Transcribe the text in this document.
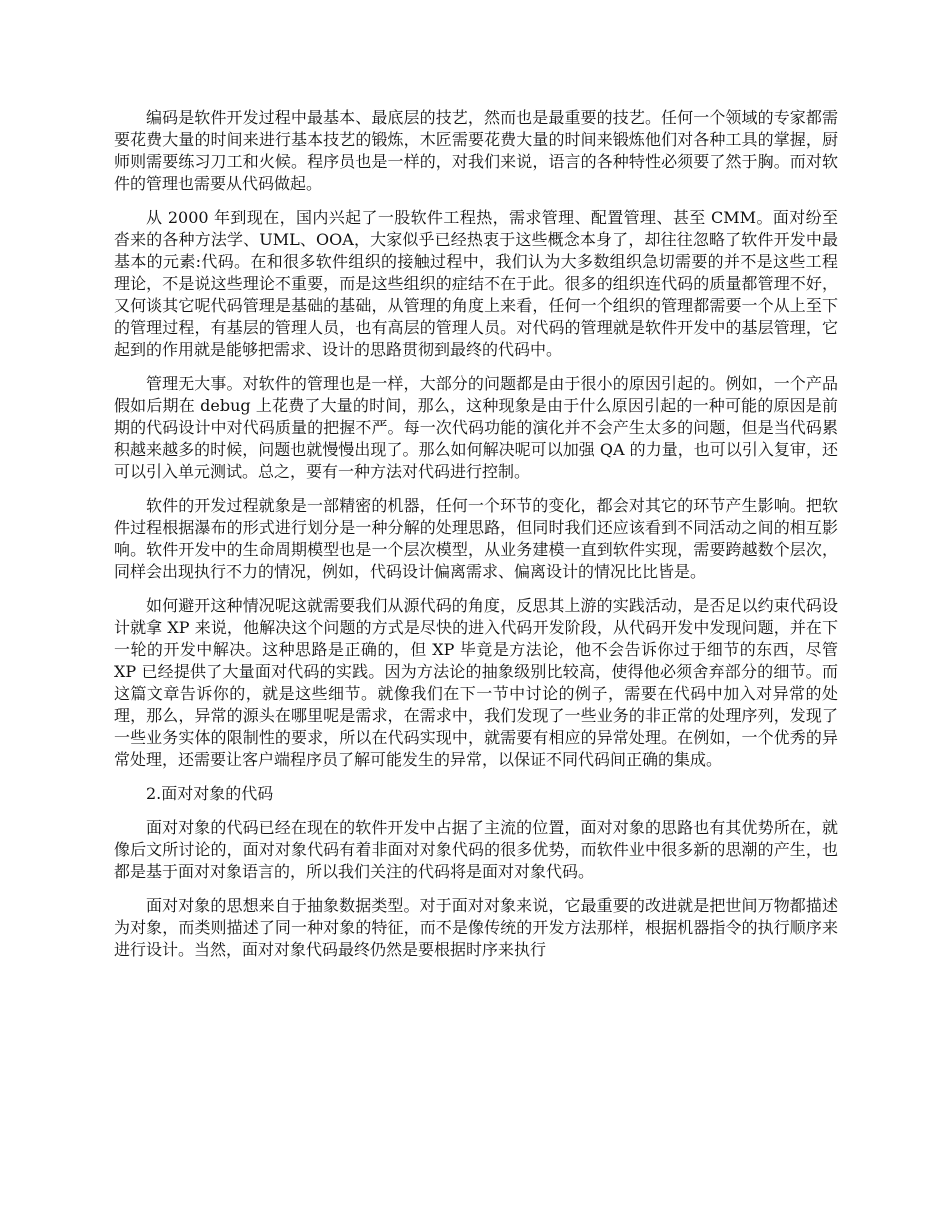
编码是软件开发过程中最基本、最底层的技艺，然而也是最重要的技艺。任何一个领域的专家都需要花费大量的时间来进行基本技艺的锻炼，木匠需要花费大量的时间来锻炼他们对各种工具的掌握，厨师则需要练习刀工和火候。程序员也是一样的，对我们来说，语言的各种特性必须要了然于胸。而对软件的管理也需要从代码做起。

从 2000 年到现在，国内兴起了一股软件工程热，需求管理、配置管理、甚至 CMM。面对纷至沓来的各种方法学、UML、OOA，大家似乎已经热衷于这些概念本身了，却往往忽略了软件开发中最基本的元素:代码。在和很多软件组织的接触过程中，我们认为大多数组织急切需要的并不是这些工程理论，不是说这些理论不重要，而是这些组织的症结不在于此。很多的组织连代码的质量都管理不好，又何谈其它呢代码管理是基础的基础，从管理的角度上来看，任何一个组织的管理都需要一个从上至下的管理过程，有基层的管理人员，也有高层的管理人员。对代码的管理就是软件开发中的基层管理，它起到的作用就是能够把需求、设计的思路贯彻到最终的代码中。

管理无大事。对软件的管理也是一样，大部分的问题都是由于很小的原因引起的。例如，一个产品假如后期在 debug 上花费了大量的时间，那么，这种现象是由于什么原因引起的一种可能的原因是前期的代码设计中对代码质量的把握不严。每一次代码功能的演化并不会产生太多的问题，但是当代码累积越来越多的时候，问题也就慢慢出现了。那么如何解决呢可以加强 QA 的力量，也可以引入复审，还可以引入单元测试。总之，要有一种方法对代码进行控制。

软件的开发过程就象是一部精密的机器，任何一个环节的变化，都会对其它的环节产生影响。把软件过程根据瀑布的形式进行划分是一种分解的处理思路，但同时我们还应该看到不同活动之间的相互影响。软件开发中的生命周期模型也是一个层次模型，从业务建模一直到软件实现，需要跨越数个层次，同样会出现执行不力的情况，例如，代码设计偏离需求、偏离设计的情况比比皆是。

如何避开这种情况呢这就需要我们从源代码的角度，反思其上游的实践活动，是否足以约束代码设计就拿 XP 来说，他解决这个问题的方式是尽快的进入代码开发阶段，从代码开发中发现问题，并在下一轮的开发中解决。这种思路是正确的，但 XP 毕竟是方法论，他不会告诉你过于细节的东西，尽管 XP 已经提供了大量面对代码的实践。因为方法论的抽象级别比较高，使得他必须舍弃部分的细节。而这篇文章告诉你的，就是这些细节。就像我们在下一节中讨论的例子，需要在代码中加入对异常的处理，那么，异常的源头在哪里呢是需求，在需求中，我们发现了一些业务的非正常的处理序列，发现了一些业务实体的限制性的要求，所以在代码实现中，就需要有相应的异常处理。在例如，一个优秀的异常处理，还需要让客户端程序员了解可能发生的异常，以保证不同代码间正确的集成。

2.面对对象的代码

面对对象的代码已经在现在的软件开发中占据了主流的位置，面对对象的思路也有其优势所在，就像后文所讨论的，面对对象代码有着非面对对象代码的很多优势，而软件业中很多新的思潮的产生，也都是基于面对对象语言的，所以我们关注的代码将是面对对象代码。

面对对象的思想来自于抽象数据类型。对于面对对象来说，它最重要的改进就是把世间万物都描述为对象，而类则描述了同一种对象的特征，而不是像传统的开发方法那样，根据机器指令的执行顺序来进行设计。当然，面对对象代码最终仍然是要根据时序来执行
